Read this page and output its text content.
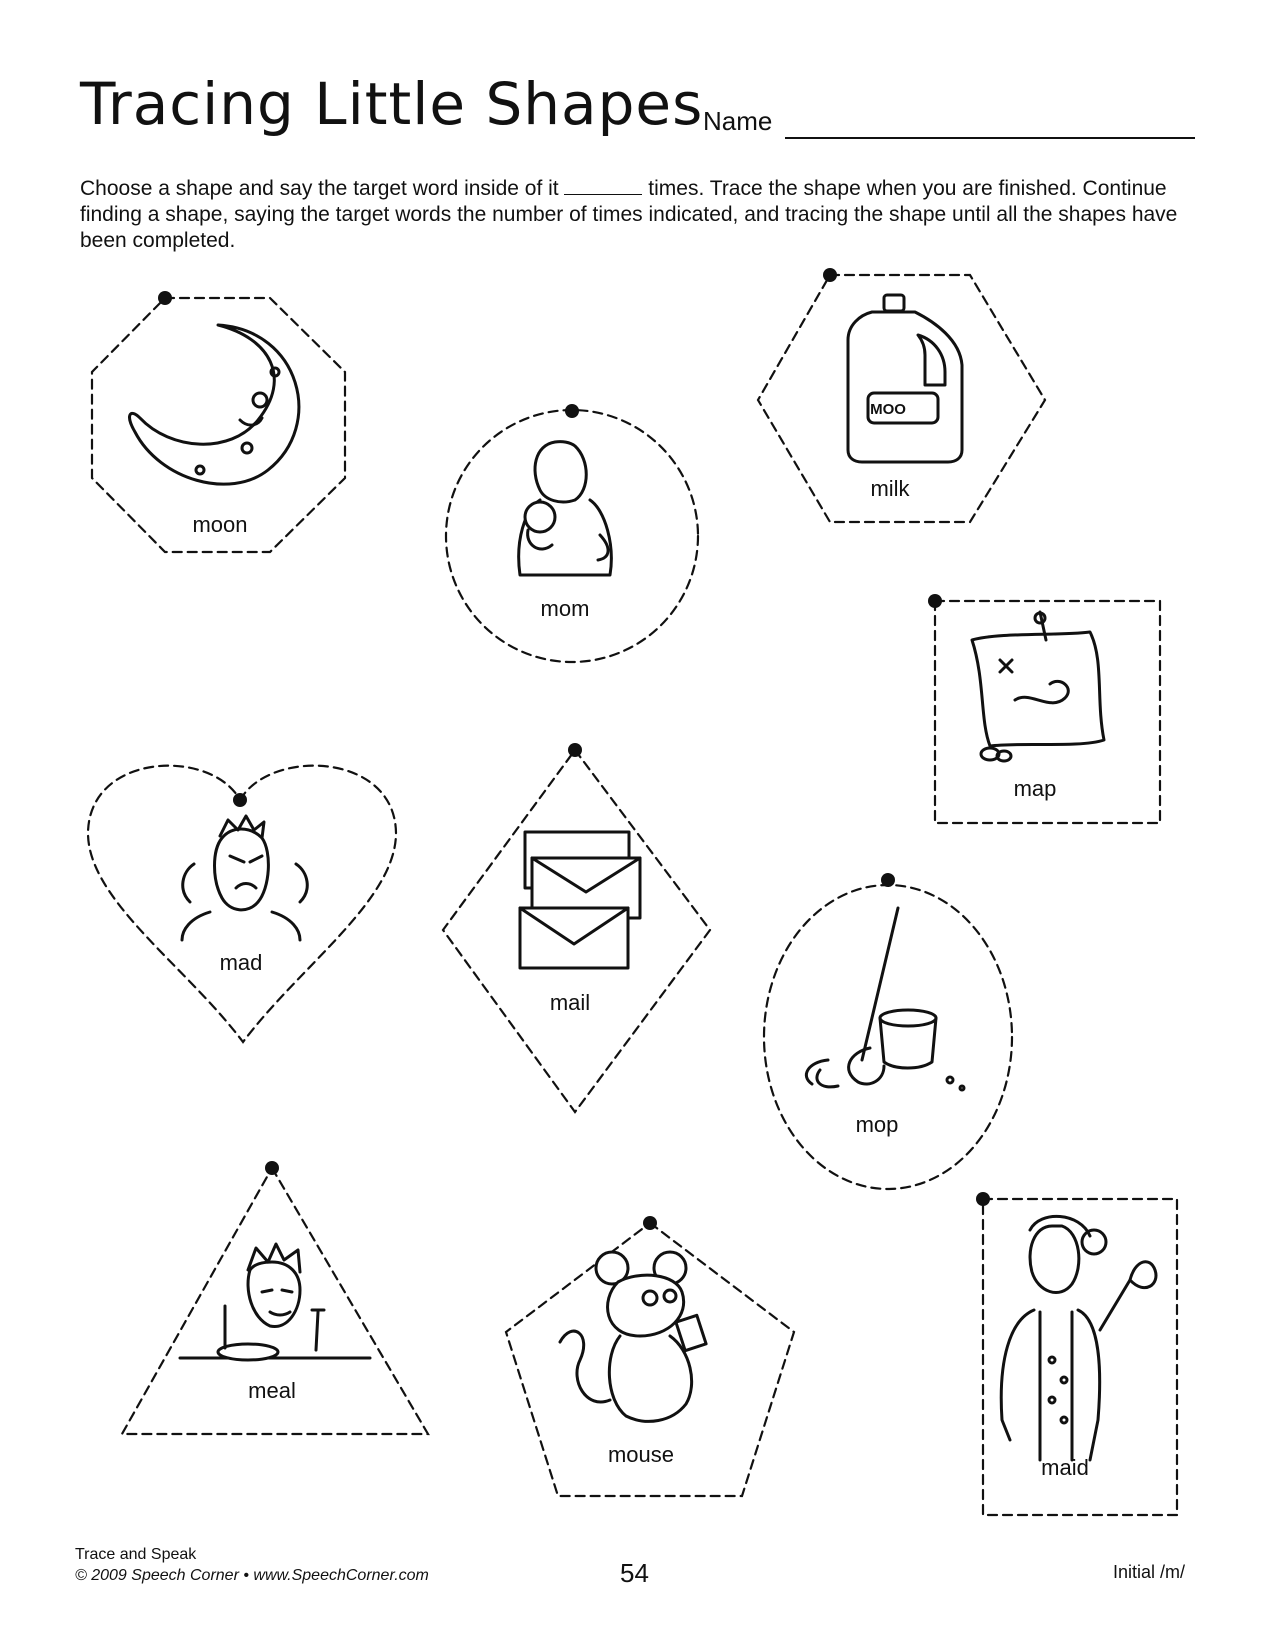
Tracing Little Shapes Name
Choose a shape and say the target word inside of it	times. Trace the shape when you are finished. Continue finding a shape, saying the target words the number of times indicated, and tracing the shape until all the shapes have been completed.
MOO
moon
mom
milk
map
mad
mail
mop
meal
mouse
maid
Trace and Speak
© 2009 Speech Corner • www.SpeechCorner.com	54	Initial /m/
